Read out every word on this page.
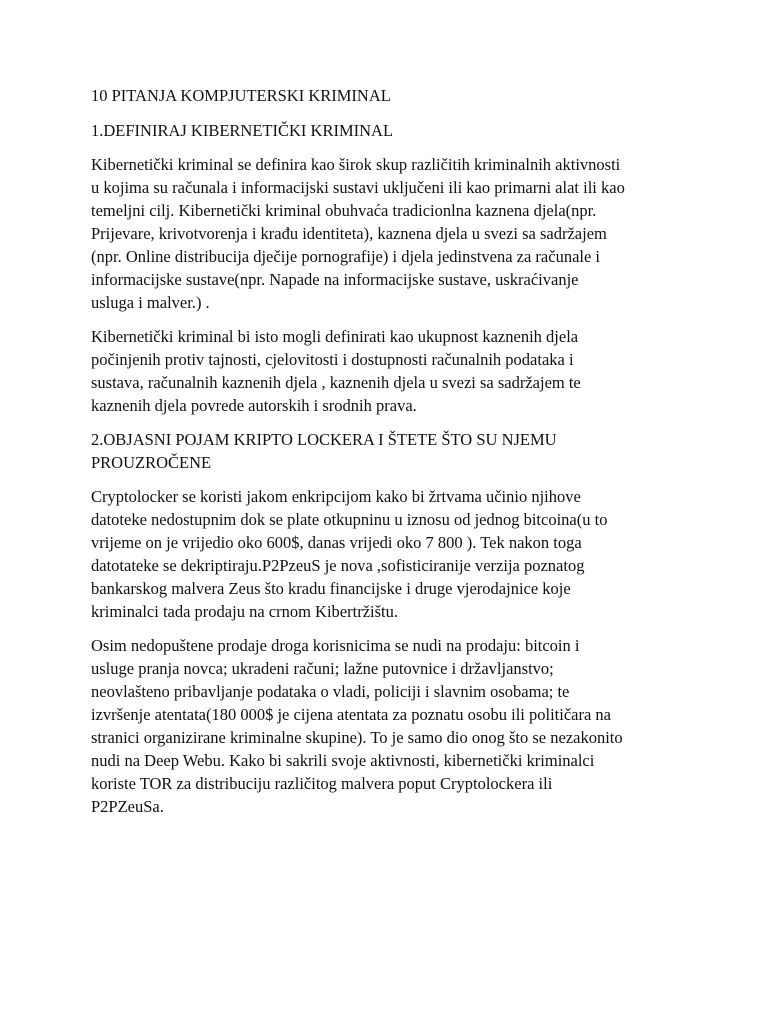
10 PITANJA KOMPJUTERSKI KRIMINAL
1.DEFINIRAJ KIBERNETIČKI KRIMINAL
Kibernetički kriminal se definira kao širok skup različitih kriminalnih aktivnosti
u kojima su računala i informacijski sustavi uključeni ili kao primarni alat ili kao
temeljni cilj. Kibernetički kriminal obuhvaća tradicionlna kaznena djela(npr.
Prijevare, krivotvorenja i krađu identiteta), kaznena djela u svezi sa sadržajem
(npr. Online distribucija dječije pornografije) i djela jedinstvena za računale i
informacijske sustave(npr. Napade na informacijske sustave, uskraćivanje
usluga i malver.) .
Kibernetički kriminal bi isto mogli definirati kao ukupnost kaznenih djela
počinjenih protiv tajnosti, cjelovitosti i dostupnosti računalnih podataka i
sustava, računalnih kaznenih djela , kaznenih djela u svezi sa sadržajem te
kaznenih djela povrede autorskih i srodnih prava.
2.OBJASNI POJAM KRIPTO LOCKERA I ŠTETE ŠTO SU NJEMU
PROUZROČENE
Cryptolocker se koristi jakom enkripcijom kako bi žrtvama učinio njihove
datoteke nedostupnim dok se plate otkupninu u iznosu od jednog bitcoina(u to
vrijeme on je vrijedio oko 600$, danas vrijedi oko 7 800 ). Tek nakon toga
datotateke se dekriptiraju.P2PzeuS je nova ,sofisticiranije verzija poznatog
bankarskog malvera Zeus što kradu financijske i druge vjerodajnice koje
kriminalci tada prodaju na crnom Kibertržištu.
Osim nedopuštene prodaje droga korisnicima se nudi na prodaju: bitcoin i
usluge pranja novca; ukradeni računi; lažne putovnice i državljanstvo;
neovlašteno pribavljanje podataka o vladi, policiji i slavnim osobama; te
izvršenje atentata(180 000$ je cijena atentata za poznatu osobu ili političara na
stranici organizirane kriminalne skupine). To je samo dio onog što se nezakonito
nudi na Deep Webu. Kako bi sakrili svoje aktivnosti, kibernetički kriminalci
koriste TOR za distribuciju različitog malvera poput Cryptolockera ili
P2PZeuSa.
